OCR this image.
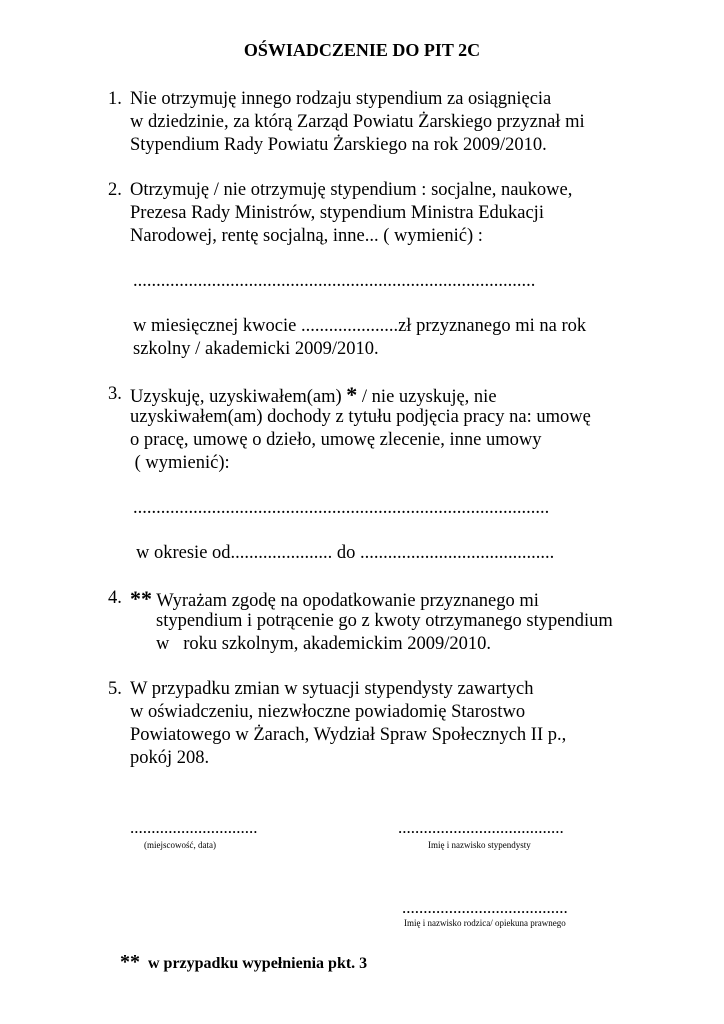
OŚWIADCZENIE DO PIT 2C
1. Nie otrzymuję innego rodzaju stypendium za osiągnięcia
w dziedzinie, za którą Zarząd Powiatu Żarskiego przyznał mi
Stypendium Rady Powiatu Żarskiego na rok 2009/2010.
2. Otrzymuję / nie otrzymuję stypendium : socjalne, naukowe,
Prezesa Rady Ministrów, stypendium Ministra Edukacji
Narodowej, rentę socjalną, inne... ( wymienić) :
.......................................................................................
w miesięcznej kwocie .....................zł przyznanego mi na rok
szkolny / akademicki 2009/2010.
3. Uzyskuję, uzyskiwałem(am) * / nie uzyskuję, nie
uzyskiwałem(am) dochody z tytułu podjęcia pracy na: umowę
o pracę, umowę o dzieło, umowę zlecenie, inne umowy
( wymienić):
..........................................................................................
w okresie od...................... do ..........................................
4. ** Wyrażam zgodę na opodatkowanie przyznanego mi
stypendium i potrącenie go z kwoty otrzymanego stypendium
w   roku szkolnym, akademickim 2009/2010.
5. W przypadku zmian w sytuacji stypendysty zawartych
w oświadczeniu, niezwłoczne powiadomię Starostwo
Powiatowego w Żarach, Wydział Spraw Społecznych II p.,
pokój 208.
..............................
(miejscowość, data)
.......................................
Imię i nazwisko stypendysty
.......................................
Imię i nazwisko rodzica/ opiekuna prawnego
** w przypadku wypełnienia pkt. 3
